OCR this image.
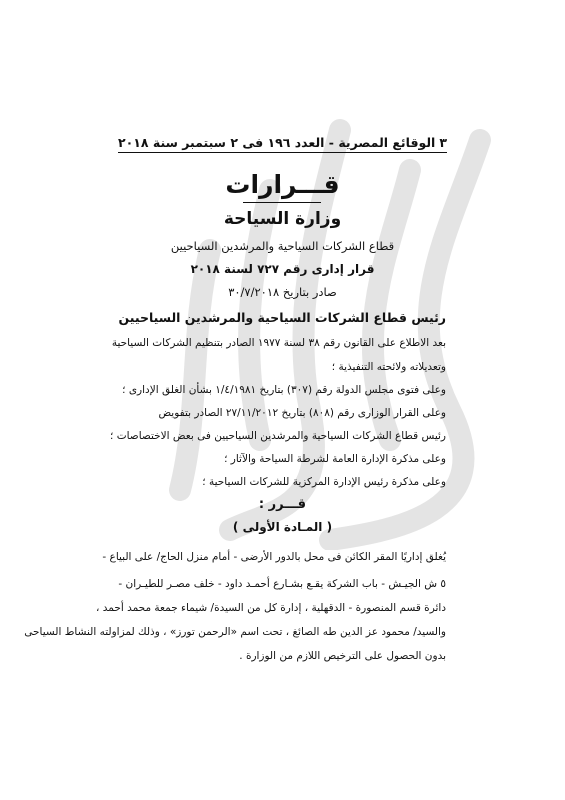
٣
الوقائع المصرية - العدد ١٩٦ فى ٢ سبتمبر سنة ٢٠١٨
قـــرارات
وزارة السياحة
قطاع الشركات السياحية والمرشدين السياحيين
قرار إدارى رقم ٧٢٧ لسنة ٢٠١٨
صادر بتاريخ ٣٠/٧/٢٠١٨
رئيس قطاع الشركات السياحية والمرشدين السياحيين
بعد الاطلاع على القانون رقم ٣٨ لسنة ١٩٧٧ الصادر بتنظيم الشركات السياحية
وتعديلاته ولائحته التنفيذية ؛
وعلى فتوى مجلس الدولة رقم (٣٠٧) بتاريخ ١/٤/١٩٨١ بشأن الغلق الإدارى ؛
وعلى القرار الوزارى رقم (٨٠٨) بتاريخ ٢٧/١١/٢٠١٢ الصادر بتفويض
رئيس قطاع الشركات السياحية والمرشدين السياحيين فى بعض الاختصاصات ؛
وعلى مذكرة الإدارة العامة لشرطة السياحة والآثار ؛
وعلى مذكرة رئيس الإدارة المركزية للشركات السياحية ؛
قـــرر :
( المـادة الأولى )
يُغلق إداريًا المقر الكائن فى محل بالدور الأرضى - أمام منزل الحاج/ على البياع -
٥ ش الجيـش - باب الشركة يقـع بشـارع أحمـد داود - خلف مصـر للطيـران -
دائرة قسم المنصورة - الدقهلية ، إدارة كل من السيدة/ شيماء جمعة محمد أحمد ،
والسيد/ محمود عز الدين طه الصائغ ، تحت اسم «الرحمن تورز» ، وذلك لمزاولته النشاط السياحى
بدون الحصول على الترخيص اللازم من الوزارة .
